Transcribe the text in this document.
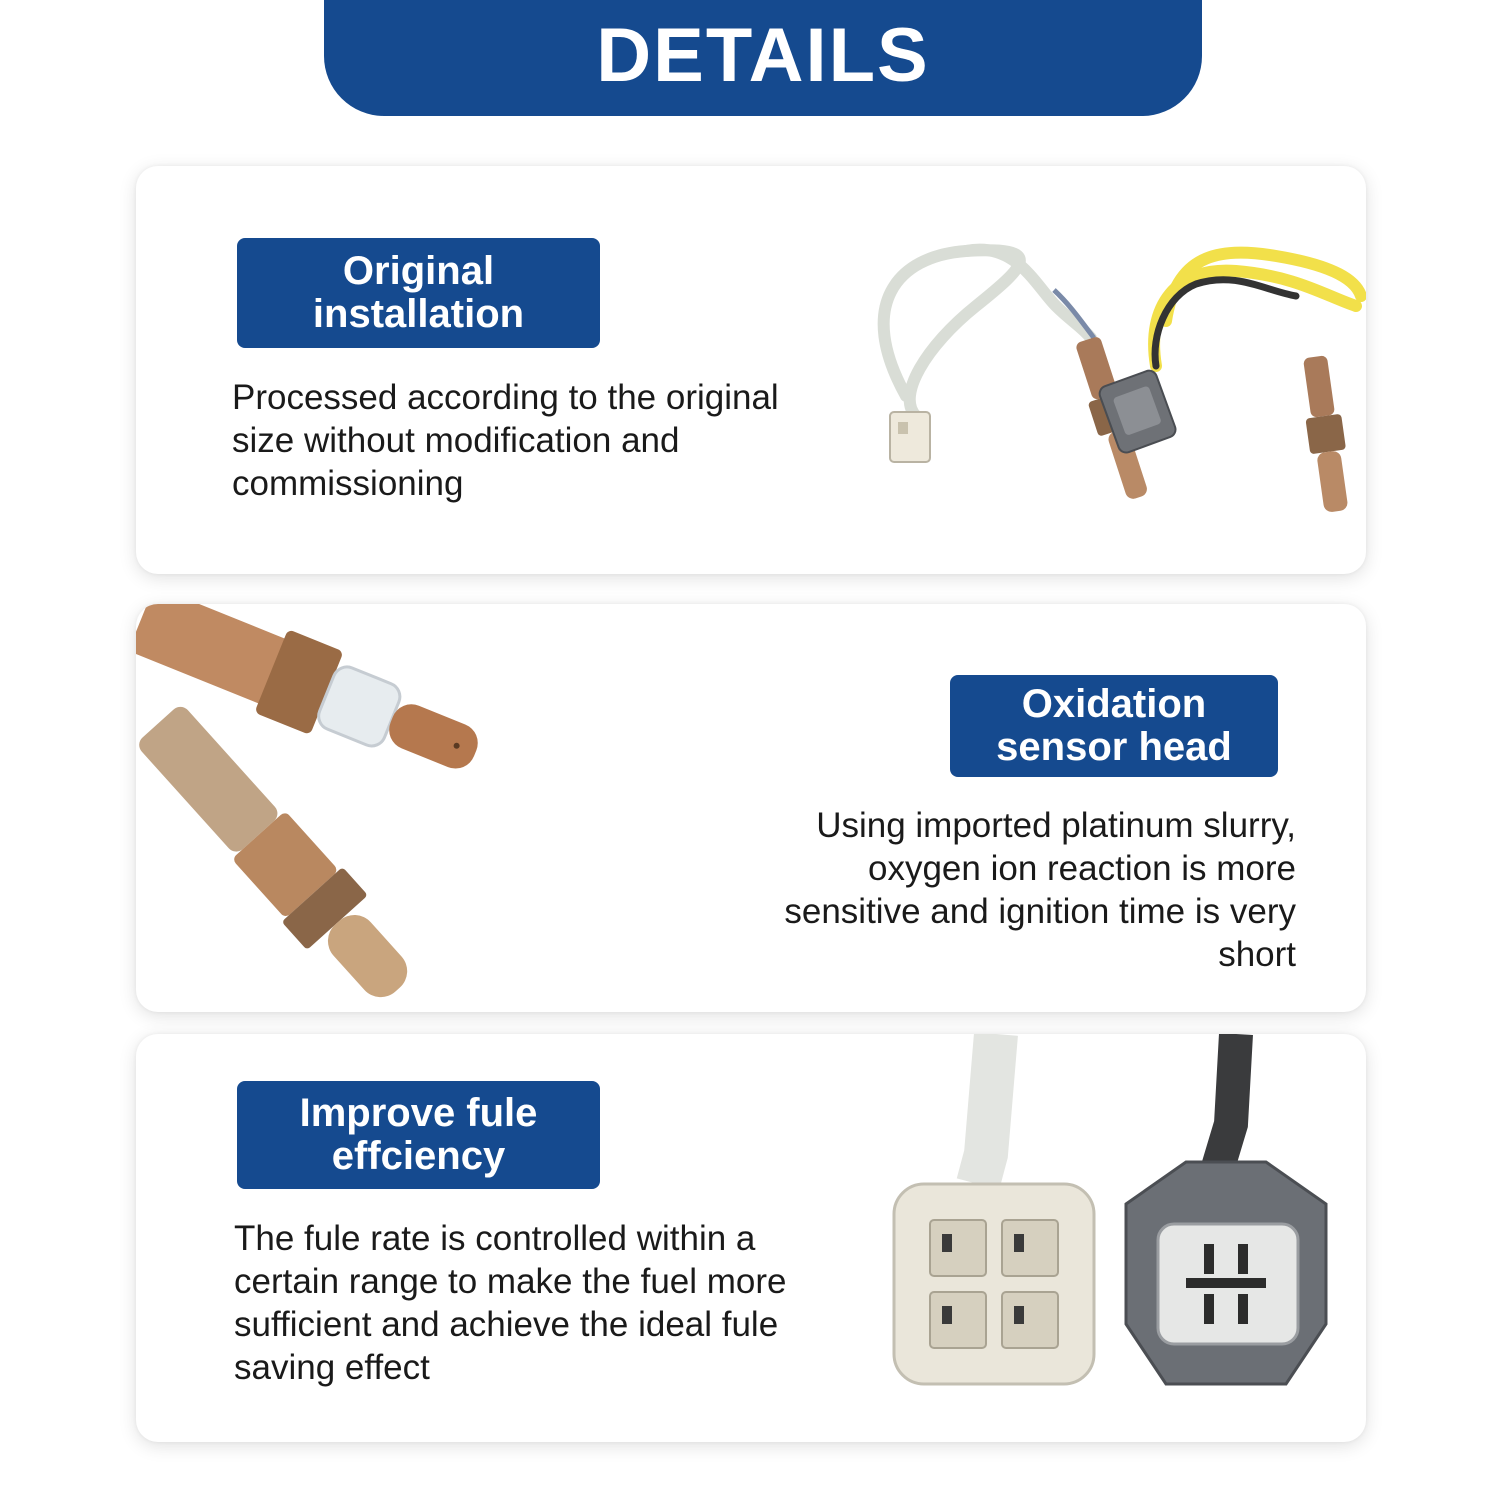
DETAILS
Original
installation
Processed according to the original size without modification and commissioning
Oxidation
sensor head
Using imported platinum slurry, oxygen ion reaction is more sensitive and ignition time is very short
Improve fule
effciency
The fule rate is controlled within a certain range to make the fuel more sufficient and achieve the ideal fule saving effect
